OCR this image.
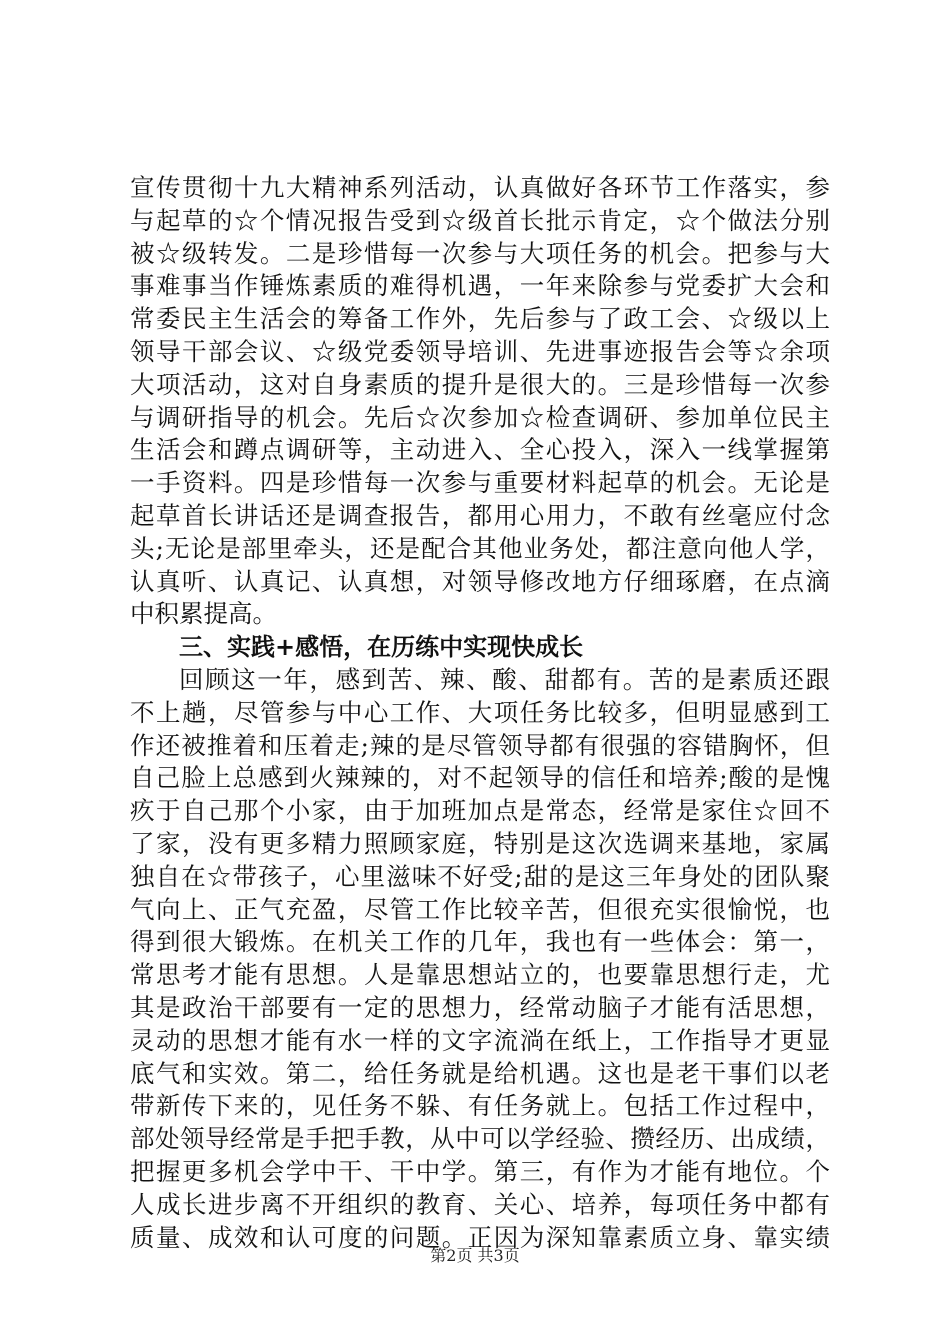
宣传贯彻十九大精神系列活动，认真做好各环节工作落实，参
与起草的☆个情况报告受到☆级首长批示肯定，☆个做法分别
被☆级转发。二是珍惜每一次参与大项任务的机会。把参与大
事难事当作锤炼素质的难得机遇，一年来除参与党委扩大会和
常委民主生活会的筹备工作外，先后参与了政工会、☆级以上
领导干部会议、☆级党委领导培训、先进事迹报告会等☆余项
大项活动，这对自身素质的提升是很大的。三是珍惜每一次参
与调研指导的机会。先后☆次参加☆检查调研、参加单位民主
生活会和蹲点调研等，主动进入、全心投入，深入一线掌握第
一手资料。四是珍惜每一次参与重要材料起草的机会。无论是
起草首长讲话还是调查报告，都用心用力，不敢有丝毫应付念
头;无论是部里牵头，还是配合其他业务处，都注意向他人学，
认真听、认真记、认真想，对领导修改地方仔细琢磨，在点滴
中积累提高。
三、实践+感悟，在历练中实现快成长
回顾这一年，感到苦、辣、酸、甜都有。苦的是素质还跟
不上趟，尽管参与中心工作、大项任务比较多，但明显感到工
作还被推着和压着走;辣的是尽管领导都有很强的容错胸怀，但
自己脸上总感到火辣辣的，对不起领导的信任和培养;酸的是愧
疚于自己那个小家，由于加班加点是常态，经常是家住☆回不
了家，没有更多精力照顾家庭，特别是这次选调来基地，家属
独自在☆带孩子，心里滋味不好受;甜的是这三年身处的团队聚
气向上、正气充盈，尽管工作比较辛苦，但很充实很愉悦，也
得到很大锻炼。在机关工作的几年，我也有一些体会：第一，
常思考才能有思想。人是靠思想站立的，也要靠思想行走，尤
其是政治干部要有一定的思想力，经常动脑子才能有活思想，
灵动的思想才能有水一样的文字流淌在纸上，工作指导才更显
底气和实效。第二，给任务就是给机遇。这也是老干事们以老
带新传下来的，见任务不躲、有任务就上。包括工作过程中，
部处领导经常是手把手教，从中可以学经验、攒经历、出成绩，
把握更多机会学中干、干中学。第三，有作为才能有地位。个
人成长进步离不开组织的教育、关心、培养，每项任务中都有
质量、成效和认可度的问题。正因为深知靠素质立身、靠实绩
第2页 共3页
